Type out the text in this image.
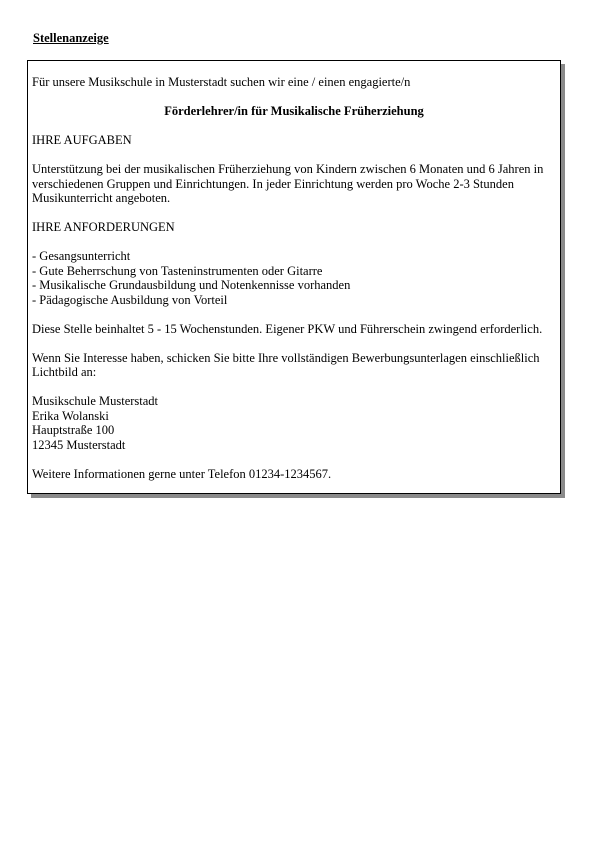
Stellenanzeige

Für unsere Musikschule in Musterstadt suchen wir eine / einen engagierte/n

Förderlehrer/in für Musikalische Früherziehung

IHRE AUFGABEN

Unterstützung bei der musikalischen Früherziehung von Kindern zwischen 6 Monaten und 6 Jahren in

verschiedenen Gruppen und Einrichtungen. In jeder Einrichtung werden pro Woche 2-3 Stunden

Musikunterricht angeboten.

IHRE ANFORDERUNGEN

- Gesangsunterricht

- Gute Beherrschung von Tasteninstrumenten oder Gitarre

- Musikalische Grundausbildung und Notenkennisse vorhanden

- Pädagogische Ausbildung von Vorteil

Diese Stelle beinhaltet 5 - 15 Wochenstunden. Eigener PKW und Führerschein zwingend erforderlich.

Wenn Sie Interesse haben, schicken Sie bitte Ihre vollständigen Bewerbungsunterlagen einschließlich

Lichtbild an:

Musikschule Musterstadt

Erika Wolanski

Hauptstraße 100

12345 Musterstadt

Weitere Informationen gerne unter Telefon 01234-1234567.
